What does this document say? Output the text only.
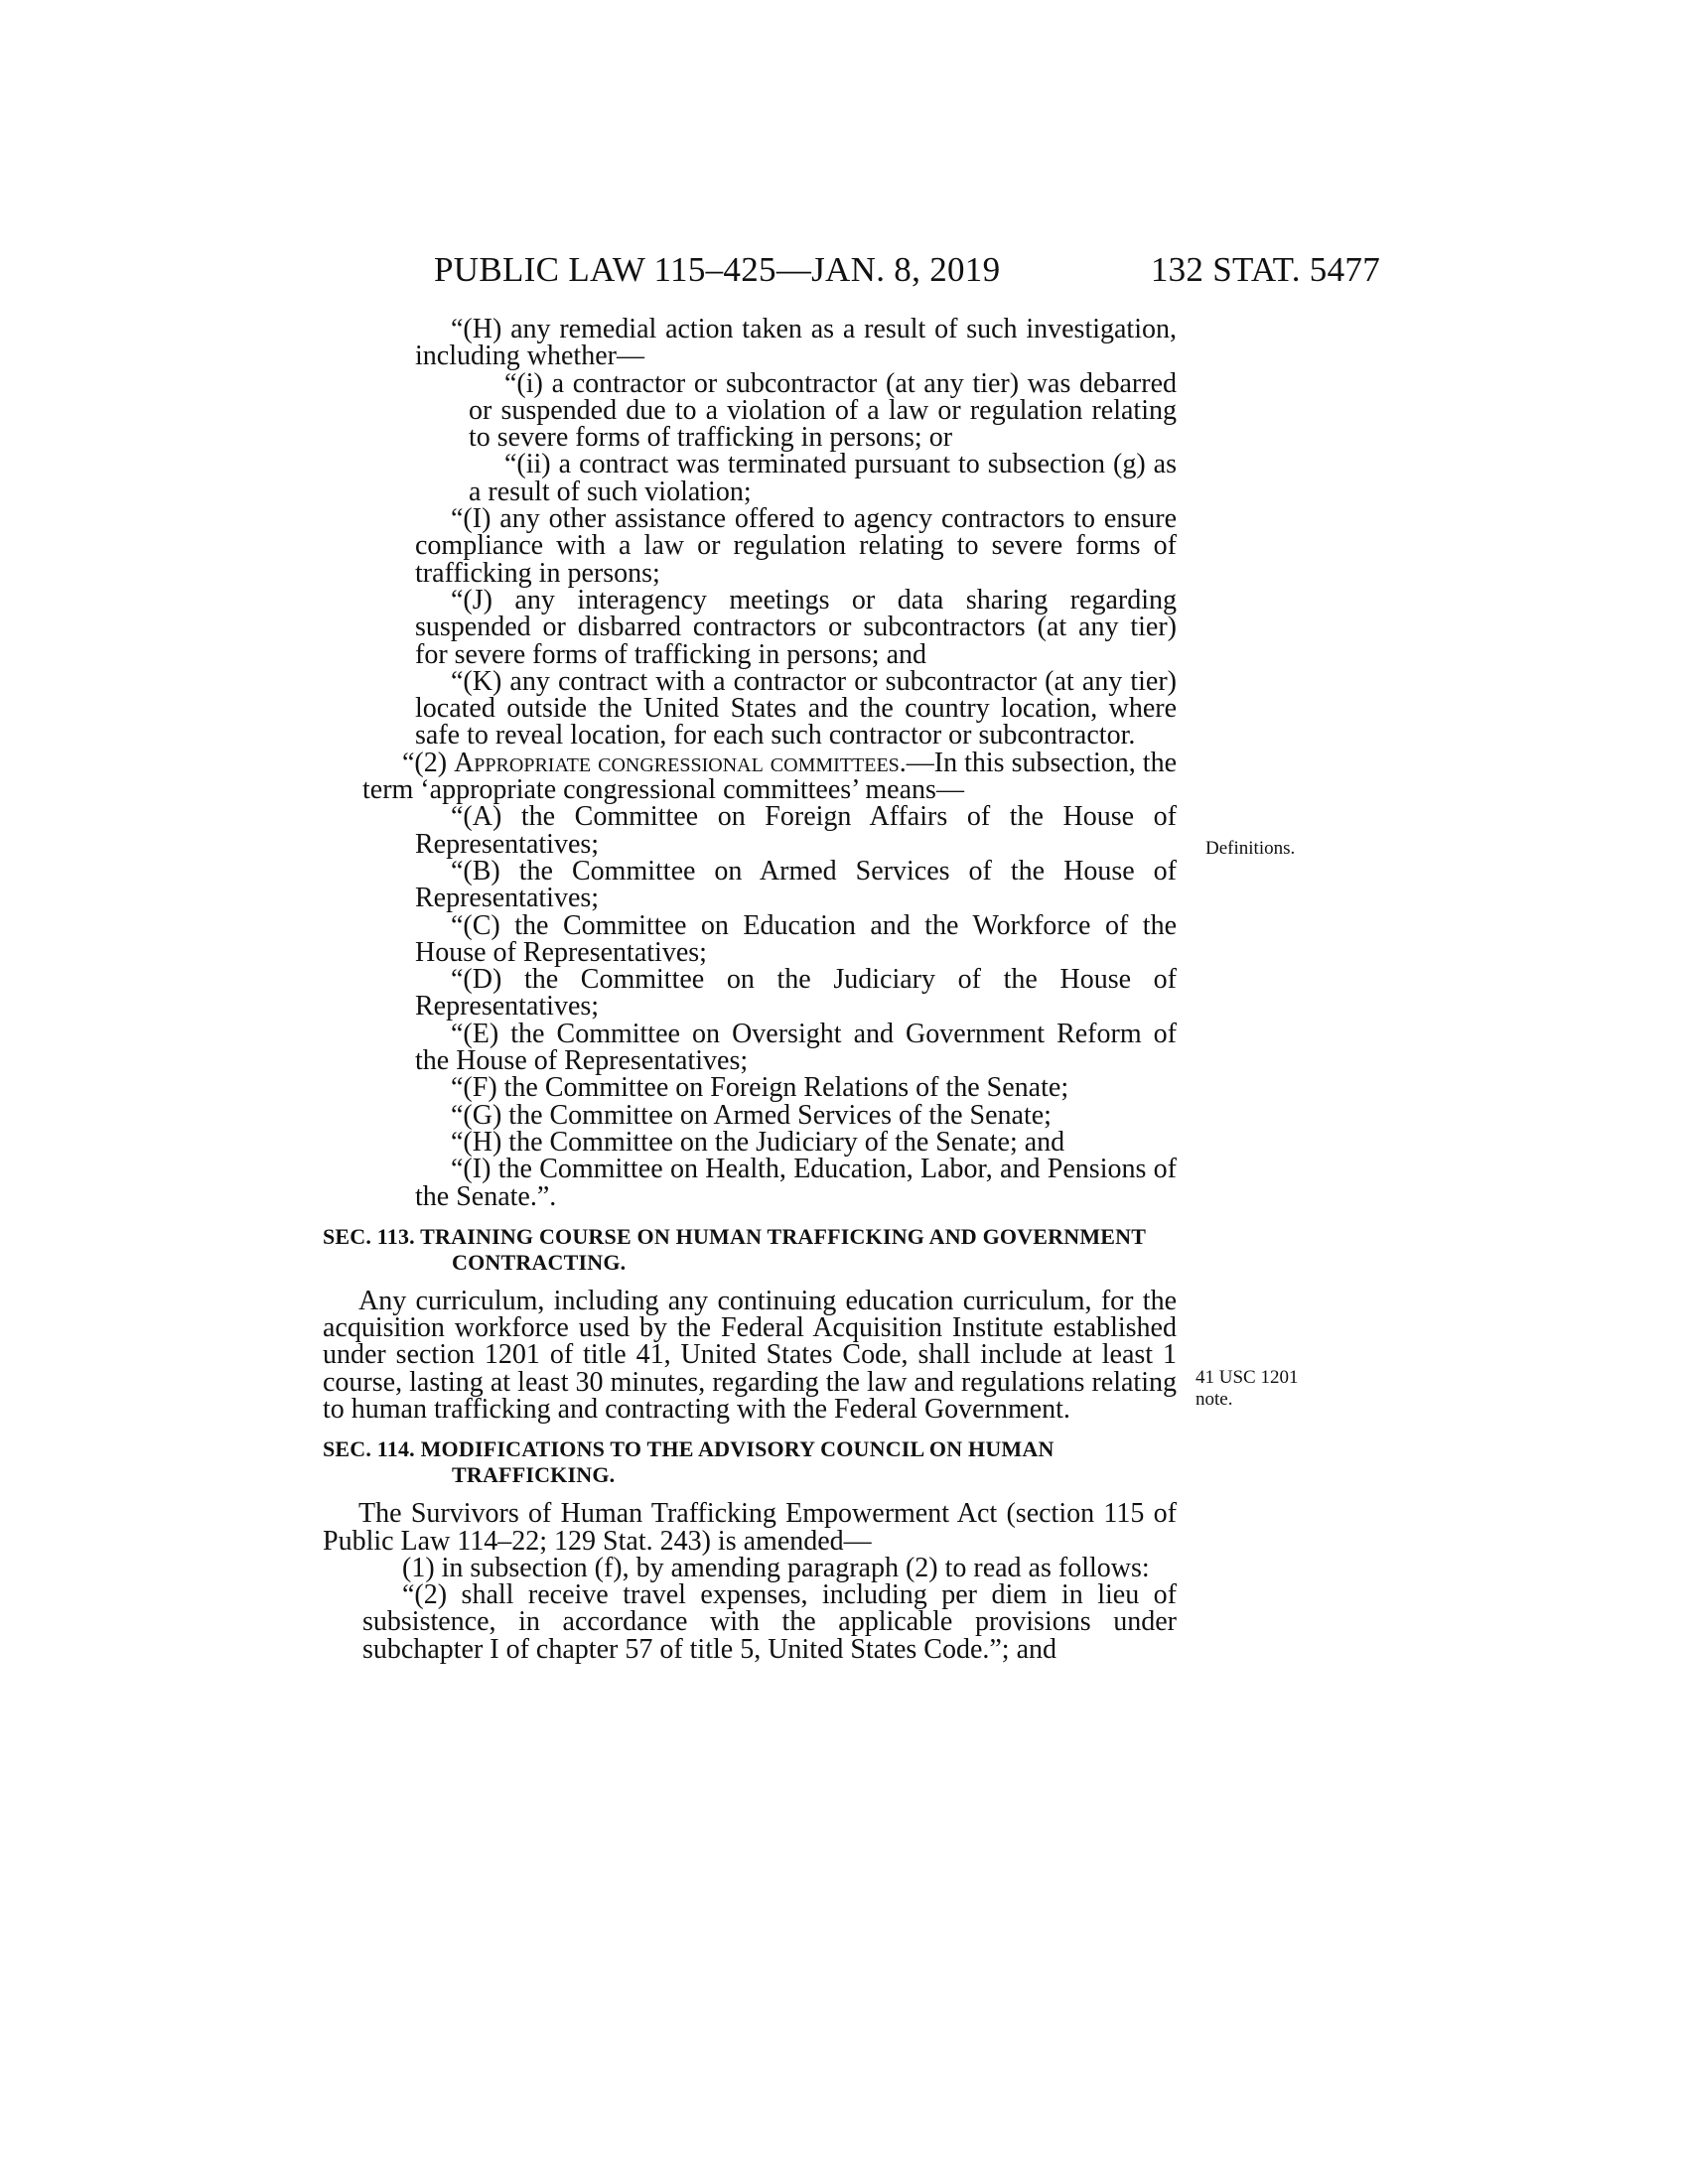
PUBLIC LAW 115–425—JAN. 8, 2019	132 STAT. 5477

“(H) any remedial action taken as a result of such investigation, including whether—

“(i) a contractor or subcontractor (at any tier) was debarred or suspended due to a violation of a law or regulation relating to severe forms of trafficking in persons; or

“(ii) a contract was terminated pursuant to subsection (g) as a result of such violation;

“(I) any other assistance offered to agency contractors to ensure compliance with a law or regulation relating to severe forms of trafficking in persons;

“(J) any interagency meetings or data sharing regarding suspended or disbarred contractors or subcontractors (at any tier) for severe forms of trafficking in persons; and

“(K) any contract with a contractor or subcontractor (at any tier) located outside the United States and the country location, where safe to reveal location, for each such contractor or subcontractor.

“(2) Appropriate congressional committees.—In this subsection, the term ‘appropriate congressional committees’ means—

“(A) the Committee on Foreign Affairs of the House of Representatives;

“(B) the Committee on Armed Services of the House of Representatives;

“(C) the Committee on Education and the Workforce of the House of Representatives;

“(D) the Committee on the Judiciary of the House of Representatives;

“(E) the Committee on Oversight and Government Reform of the House of Representatives;

“(F) the Committee on Foreign Relations of the Senate;

“(G) the Committee on Armed Services of the Senate;

“(H) the Committee on the Judiciary of the Senate; and

“(I) the Committee on Health, Education, Labor, and Pensions of the Senate.”.

SEC. 113. TRAINING COURSE ON HUMAN TRAFFICKING AND GOVERNMENT CONTRACTING.

Any curriculum, including any continuing education curriculum, for the acquisition workforce used by the Federal Acquisition Institute established under section 1201 of title 41, United States Code, shall include at least 1 course, lasting at least 30 minutes, regarding the law and regulations relating to human trafficking and contracting with the Federal Government.

SEC. 114. MODIFICATIONS TO THE ADVISORY COUNCIL ON HUMAN TRAFFICKING.

The Survivors of Human Trafficking Empowerment Act (section 115 of Public Law 114–22; 129 Stat. 243) is amended—

(1) in subsection (f), by amending paragraph (2) to read as follows:

“(2) shall receive travel expenses, including per diem in lieu of subsistence, in accordance with the applicable provisions under subchapter I of chapter 57 of title 5, United States Code.”; and

Definitions.
41 USC 1201
note.
